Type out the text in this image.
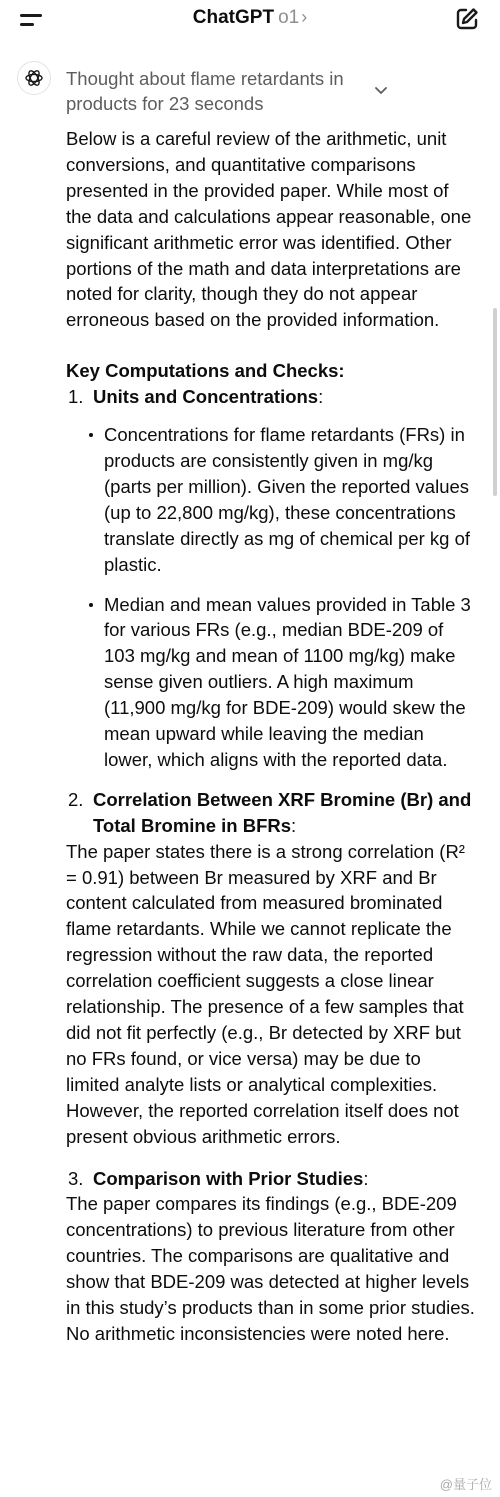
ChatGPT o1 ›
Thought about flame retardants in products for 23 seconds

Below is a careful review of the arithmetic, unit conversions, and quantitative comparisons presented in the provided paper. While most of the data and calculations appear reasonable, one significant arithmetic error was identified. Other portions of the math and data interpretations are noted for clarity, though they do not appear erroneous based on the provided information.

Key Computations and Checks:

1. Units and Concentrations:

Concentrations for flame retardants (FRs) in products are consistently given in mg/kg (parts per million). Given the reported values (up to 22,800 mg/kg), these concentrations translate directly as mg of chemical per kg of plastic.
Median and mean values provided in Table 3 for various FRs (e.g., median BDE-209 of 103 mg/kg and mean of 1100 mg/kg) make sense given outliers. A high maximum (11,900 mg/kg for BDE-209) would skew the mean upward while leaving the median lower, which aligns with the reported data.

2. Correlation Between XRF Bromine (Br) and Total Bromine in BFRs:

The paper states there is a strong correlation (R² = 0.91) between Br measured by XRF and Br content calculated from measured brominated flame retardants. While we cannot replicate the regression without the raw data, the reported correlation coefficient suggests a close linear relationship. The presence of a few samples that did not fit perfectly (e.g., Br detected by XRF but no FRs found, or vice versa) may be due to limited analyte lists or analytical complexities. However, the reported correlation itself does not present obvious arithmetic errors.

3. Comparison with Prior Studies:

The paper compares its findings (e.g., BDE-209 concentrations) to previous literature from other countries. The comparisons are qualitative and show that BDE-209 was detected at higher levels in this study’s products than in some prior studies. No arithmetic inconsistencies were noted here.

@量子位
